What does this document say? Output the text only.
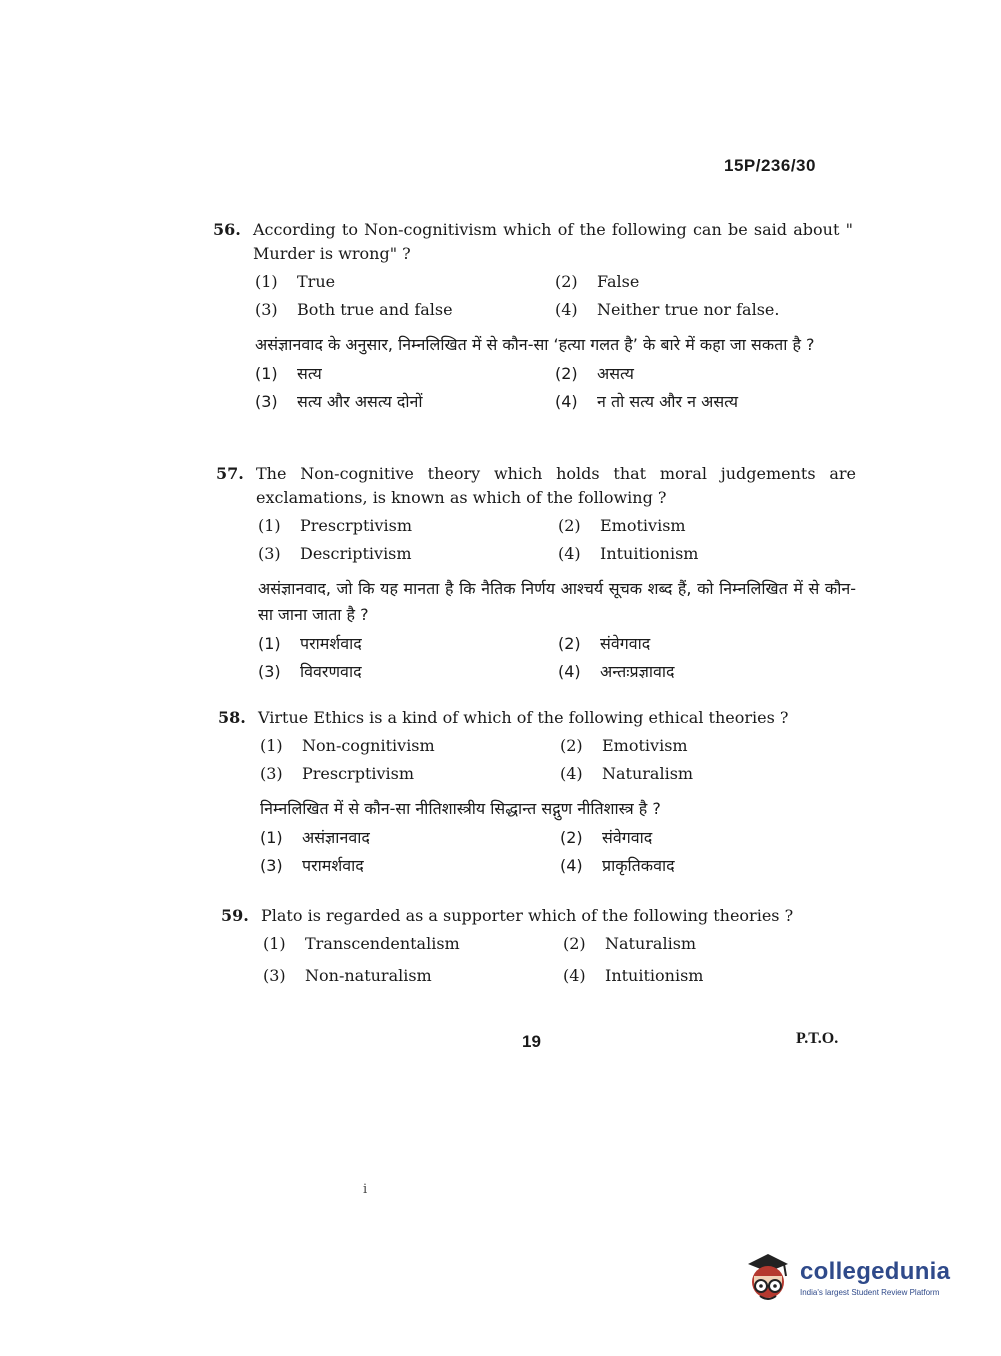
15P/236/30
56. According to Non-cognitivism which of the following can be said about " Murder is wrong" ?
(1)	True	(2)	False
(3)	Both true and false	(4)	Neither true nor false.
असंज्ञानवाद के अनुसार, निम्नलिखित में से कौन-सा ‘हत्या गलत है’ के बारे में कहा जा सकता है ?
(1)	सत्य	(2)	असत्य
(3)	सत्य और असत्य दोनों	(4)	न तो सत्य और न असत्य
57. The Non-cognitive theory which holds that moral judgements are exclamations, is known as which of the following ?
(1)	Prescrptivism	(2)	Emotivism
(3)	Descriptivism	(4)	Intuitionism
असंज्ञानवाद, जो कि यह मानता है कि नैतिक निर्णय आश्चर्य सूचक शब्द हैं, को निम्नलिखित में से कौन-सा जाना जाता है ?
(1)	परामर्शवाद	(2)	संवेगवाद
(3)	विवरणवाद	(4)	अन्तःप्रज्ञावाद
58. Virtue Ethics is a kind of which of the following ethical theories ?
(1)	Non-cognitivism	(2)	Emotivism
(3)	Prescrptivism	(4)	Naturalism
निम्नलिखित में से कौन-सा नीतिशास्त्रीय सिद्धान्त सद्गुण नीतिशास्त्र है ?
(1)	असंज्ञानवाद	(2)	संवेगवाद
(3)	परामर्शवाद	(4)	प्राकृतिकवाद
59. Plato is regarded as a supporter which of the following theories ?
(1)	Transcendentalism	(2)	Naturalism
(3)	Non-naturalism	(4)	Intuitionism
19	P.T.O.
i
collegedunia
India's largest Student Review Platform
